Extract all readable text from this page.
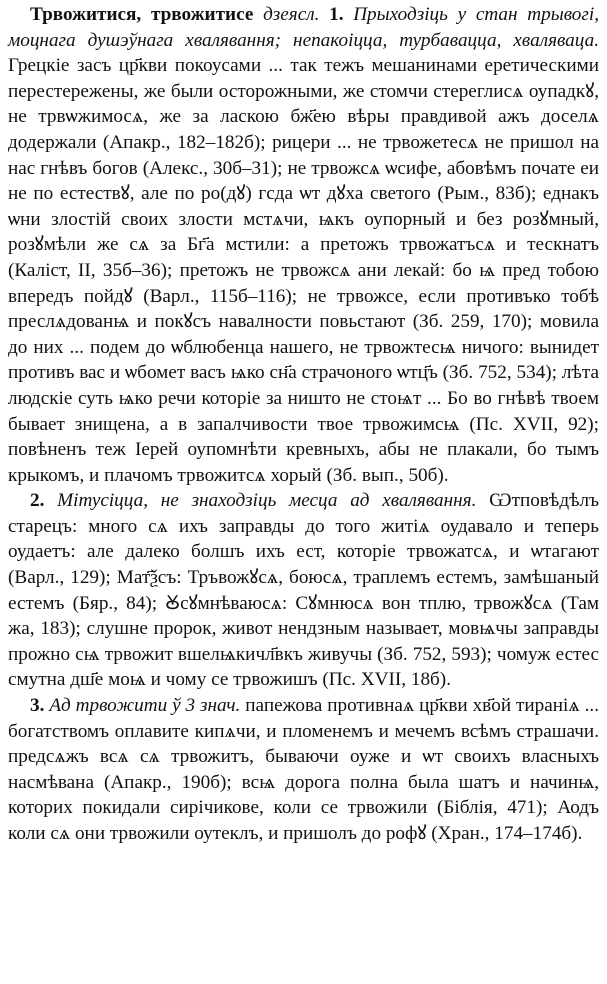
Трвожитися, трвожитисе дзеясл. 1. Прыходзіць у стан трывогі, моцнага душэўнага хвалявання; непакоіцца, турбавацца, хваляваца. Грецкіе засъ цр҃кви покоусами ... так тежъ мешанинами еретическими перестережены, же были осторожными, же стомчи стереглисѧ оупадкꙋ, не трвѡжимосѧ, же за ласкою бж҃ею вѣры правдивой ажъ доселѧ додержали (Апакр., 182–182б); рицери ... не трвожетесѧ не пришол на нас гнѣвъ богов (Алекс., 30б–31); не трвожсѧ ѡсифе, абовѣмъ почате еи не по естествꙋ, але по ро(дꙋ) гсда ѡт дꙋха светого (Рым., 83б); еднакъ ѡни злостій своих злости мстѧчи, ѩкъ оупорный и без розꙋмный, розꙋмѣли же сѧ за Бг҃а мстили: а претожъ трвожатъсѧ и тескнатъ (Каліст, II, 35б–36); претожъ не трвожсѧ ани лекай: бо ѩ пред тобою впередъ пойдꙋ (Варл., 115б–116); не трвожсе, если противъко тобѣ преслѧдованѩ и покꙋсъ навалности повьстают (Зб. 259, 170); мовила до них ... подем до ѡблюбенца нашего, не трвожтесѩ ничого: вынидет противъ вас и ѡбомет васъ ѩко сн҃а страчоного ѡтц҃ъ (Зб. 752, 534); лѣта людскіе суть ѩко речи которіе за ништо не стоѩт ... Бо во гнѣвѣ твоем бывает знищена, а в запалчивости твое трвожимсѩ (Пс. XVII, 92); повѣненъ теж Іерей оупомнѣти кревныхъ, абы не плакали, бо тымъ крыкомъ, и плачомъ трвожитсѧ хорый (Зб. вып., 50б).

2. Мітусіцца, не знаходзіць месца ад хвалявання. Ѡтповѣдѣлъ старецъ: много сѧ ихъ заправды до того житіѧ оудавало и теперь оудаетъ: але далеко болшъ ихъ ест, которіе трвожатсѧ, и ѡтагают (Варл., 129); Мат҃ѯсъ: Тръвожꙋсѧ, боюсѧ, траплемъ естемъ, замѣшаный естемъ (Бяр., 84); Ꙋсꙋмнѣваюсѧ: Сꙋмнюсѧ вон тплю, трвожꙋсѧ (Там жа, 183); слушне пророк, живот нендзным называет, мовѩчы заправды прожно сѩ трвожит вшелѩкичл҃вкъ живучы (Зб. 752, 593); чомуж естес смутна дш҃е моѩ и чому се трвожишъ (Пс. XVII, 18б).

3. Ад трвожити ў 3 знач. папежова противнаѧ цр҃кви хв҃ой тиранiѧ ... богатствомъ оплавите кипѧчи, и пломенемъ и мечемъ всѣмъ страшачи. предсѧжъ всѧ сѧ трвожитъ, бываючи оуже и ѡт своихъ власныхъ насмѣвана (Апакр., 190б); всѩ дорога полна была шатъ и начинѩ, которих покидали сирічикове, коли се трвожили (Біблія, 471); Аодъ коли сѧ они трвожили оутеклъ, и пришолъ до рофꙋ (Хран., 174–174б).
